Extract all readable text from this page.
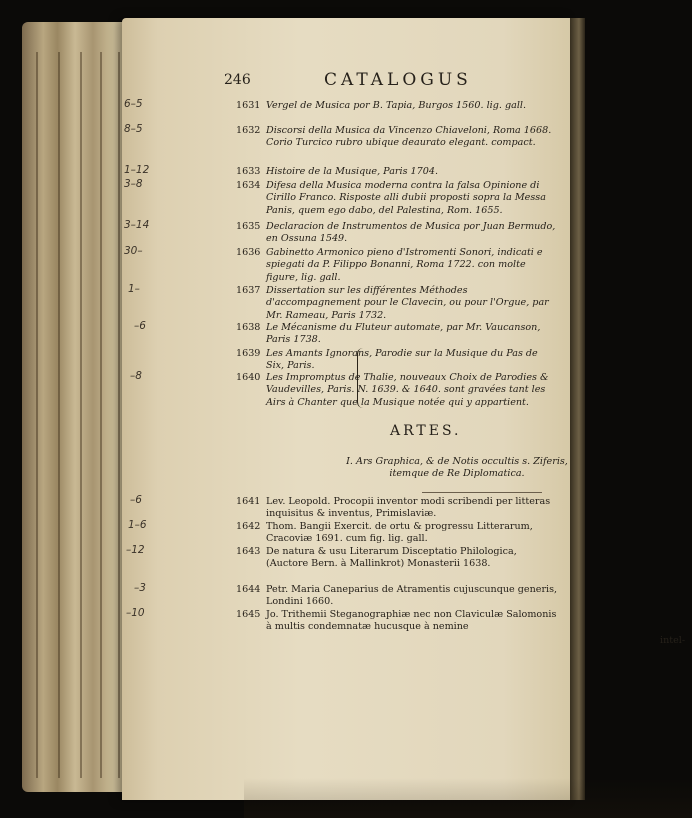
246	CATALOGUS
1631 Vergel de Musica por B. Tapia, Burgos 1560. lig. gall.
6–5
1632 Discorsi della Musica da Vincenzo Chiaveloni, Roma 1668. Corio Turcico rubro ubique deaurato elegant. compact.
8–5
1633 Histoire de la Musique, Paris 1704.
1–12
1634 Difesa della Musica moderna contra la falsa Opinione di Cirillo Franco. Risposte alli dubii proposti sopra la Messa Panis, quem ego dabo, del Palestina, Rom. 1655.
3–8
1635 Declaracion de Instrumentos de Musica por Juan Bermudo, en Ossuna 1549.
3–14
1636 Gabinetto Armonico pieno d'Istromenti Sonori, indicati e spiegati da P. Filippo Bonanni, Roma 1722. con molte figure, lig. gall.
30–
1637 Dissertation sur les différentes Méthodes d'accompagnement pour le Clavecin, ou pour l'Orgue, par Mr. Rameau, Paris 1732.
1–
1638 Le Mécanisme du Fluteur automate, par Mr. Vaucanson, Paris 1738.
–6
1639 Les Amants Ignorans, Parodie sur la Musique du Pas de Six, Paris.
1640 Les Impromptus de Thalie, nouveaux Choix de Parodies & Vaudevilles, Paris. N. 1639. & 1640. sont gravées tant les Airs à Chanter que la Musique notée qui y appartient.
–8
ARTES.
I. Ars Graphica, & de Notis occultis s. Ziferis,
itemque de Re Diplomatica.
1641 Lev. Leopold. Procopii inventor modi scribendi per litteras inquisitus & inventus, Primislaviæ.
–6
1642 Thom. Bangii Exercit. de ortu & progressu Litterarum, Cracoviæ 1691. cum fig. lig. gall.
1–6
1643 De natura & usu Literarum Disceptatio Philologica, (Auctore Bern. à Mallinkrot) Monasterii 1638.
–12
1644 Petr. Maria Caneparius de Atramentis cujuscunque generis, Londini 1660.
–3
1645 Jo. Trithemii Steganographiæ nec non Claviculæ Salomonis à multis condemnatæ hucusque à nemine
–10
intel-
